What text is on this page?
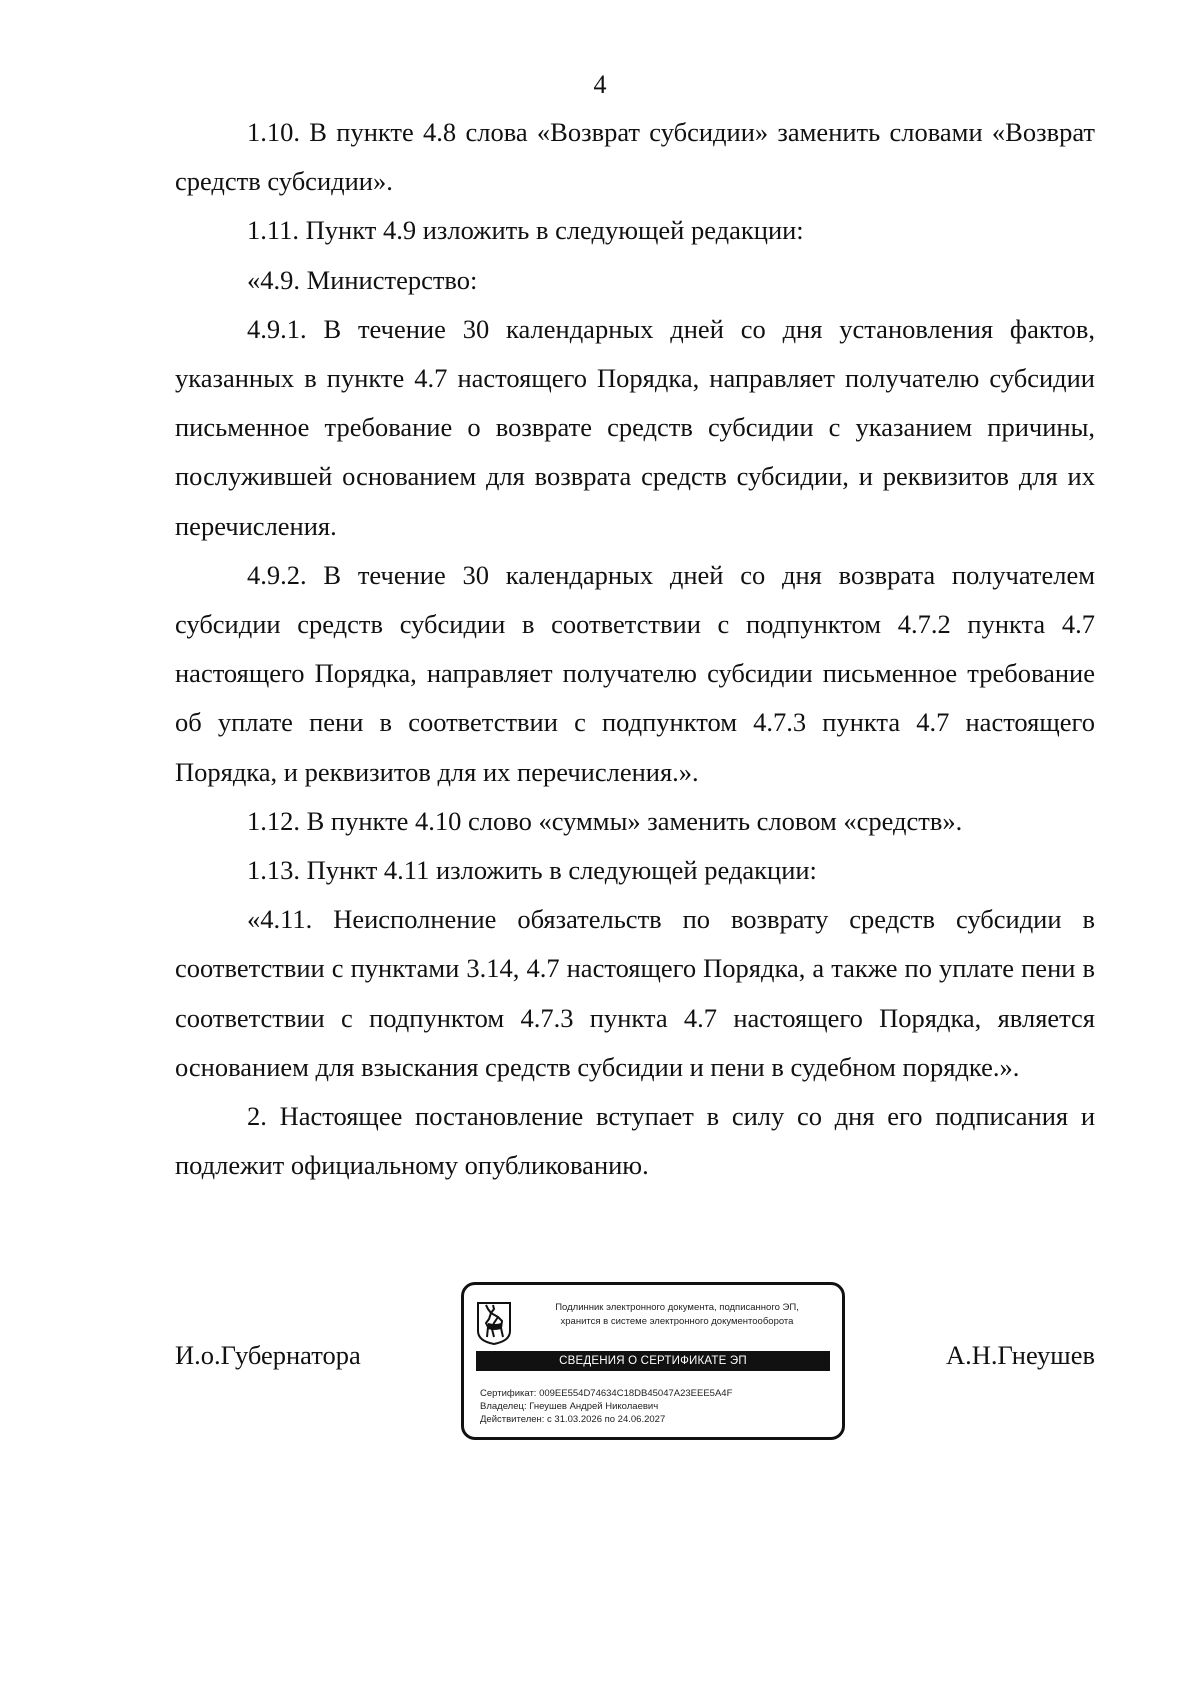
4

1.10. В пункте 4.8 слова «Возврат субсидии» заменить словами «Возврат средств субсидии».

1.11. Пункт 4.9 изложить в следующей редакции:

«4.9. Министерство:

4.9.1. В течение 30 календарных дней со дня установления фактов, указанных в пункте 4.7 настоящего Порядка, направляет получателю субсидии письменное требование о возврате средств субсидии с указанием причины, послужившей основанием для возврата средств субсидии, и реквизитов для их перечисления.

4.9.2. В течение 30 календарных дней со дня возврата получателем субсидии средств субсидии в соответствии с подпунктом 4.7.2 пункта 4.7 настоящего Порядка, направляет получателю субсидии письменное требование об уплате пени в соответствии с подпунктом 4.7.3 пункта 4.7 настоящего Порядка, и реквизитов для их перечисления.».

1.12. В пункте 4.10 слово «суммы» заменить словом «средств».

1.13. Пункт 4.11 изложить в следующей редакции:

«4.11. Неисполнение обязательств по возврату средств субсидии в соответствии с пунктами 3.14, 4.7 настоящего Порядка, а также по уплате пени в соответствии с подпунктом 4.7.3 пункта 4.7 настоящего Порядка, является основанием для взыскания средств субсидии и пени в судебном порядке.».

2. Настоящее постановление вступает в силу со дня его подписания и подлежит официальному опубликованию.

И.о.Губернатора
Подлинник электронного документа, подписанного ЭП,
хранится в системе электронного документооборота
СВЕДЕНИЯ О СЕРТИФИКАТЕ ЭП
Сертификат: 009EE554D74634C18DB45047A23EEE5A4F
Владелец: Гнеушев Андрей Николаевич
Действителен: с 31.03.2026 по 24.06.2027
А.Н.Гнеушев
